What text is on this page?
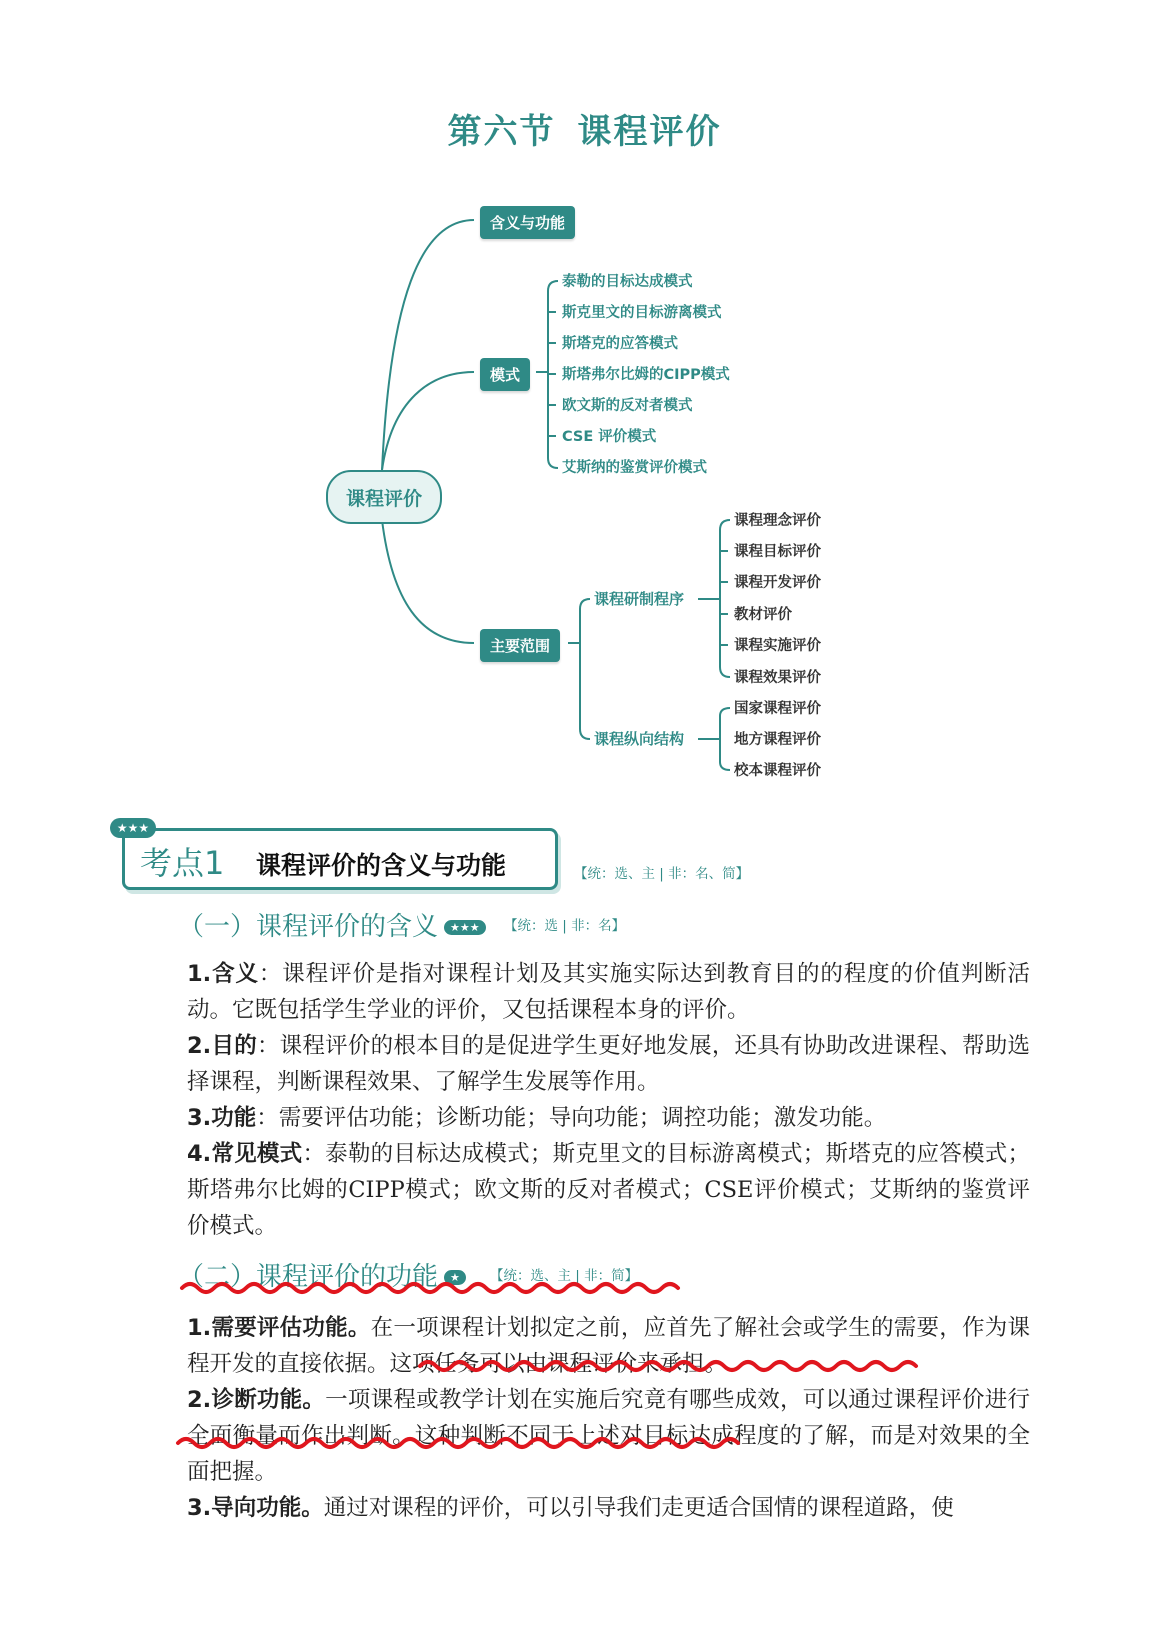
第六节 课程评价
课程评价
含义与功能
模式
主要范围
泰勒的目标达成模式
斯克里文的目标游离模式
斯塔克的应答模式
斯塔弗尔比姆的CIPP模式
欧文斯的反对者模式
CSE 评价模式
艾斯纳的鉴赏评价模式
课程研制程序
课程纵向结构
课程理念评价
课程目标评价
课程开发评价
教材评价
课程实施评价
课程效果评价
国家课程评价
地方课程评价
校本课程评价
★★★
考点1 课程评价的含义与功能	【统：选、主 | 非：名、简】
（一）课程评价的含义 ★★★	【统：选 | 非：名】
1.含义：课程评价是指对课程计划及其实施实际达到教育目的的程度的价值判断活动。它既包括学生学业的评价，又包括课程本身的评价。
2.目的：课程评价的根本目的是促进学生更好地发展，还具有协助改进课程、帮助选择课程，判断课程效果、了解学生发展等作用。
3.功能：需要评估功能；诊断功能；导向功能；调控功能；激发功能。
4.常见模式：泰勒的目标达成模式；斯克里文的目标游离模式；斯塔克的应答模式；斯塔弗尔比姆的CIPP模式；欧文斯的反对者模式；CSE评价模式；艾斯纳的鉴赏评价模式。
（二）课程评价的功能 ★	【统：选、主 | 非：简】
1.需要评估功能。在一项课程计划拟定之前，应首先了解社会或学生的需要，作为课程开发的直接依据。这项任务可以由课程评价来承担。
2.诊断功能。一项课程或教学计划在实施后究竟有哪些成效，可以通过课程评价进行全面衡量而作出判断。这种判断不同于上述对目标达成程度的了解，而是对效果的全面把握。
3.导向功能。通过对课程的评价，可以引导我们走更适合国情的课程道路，使
